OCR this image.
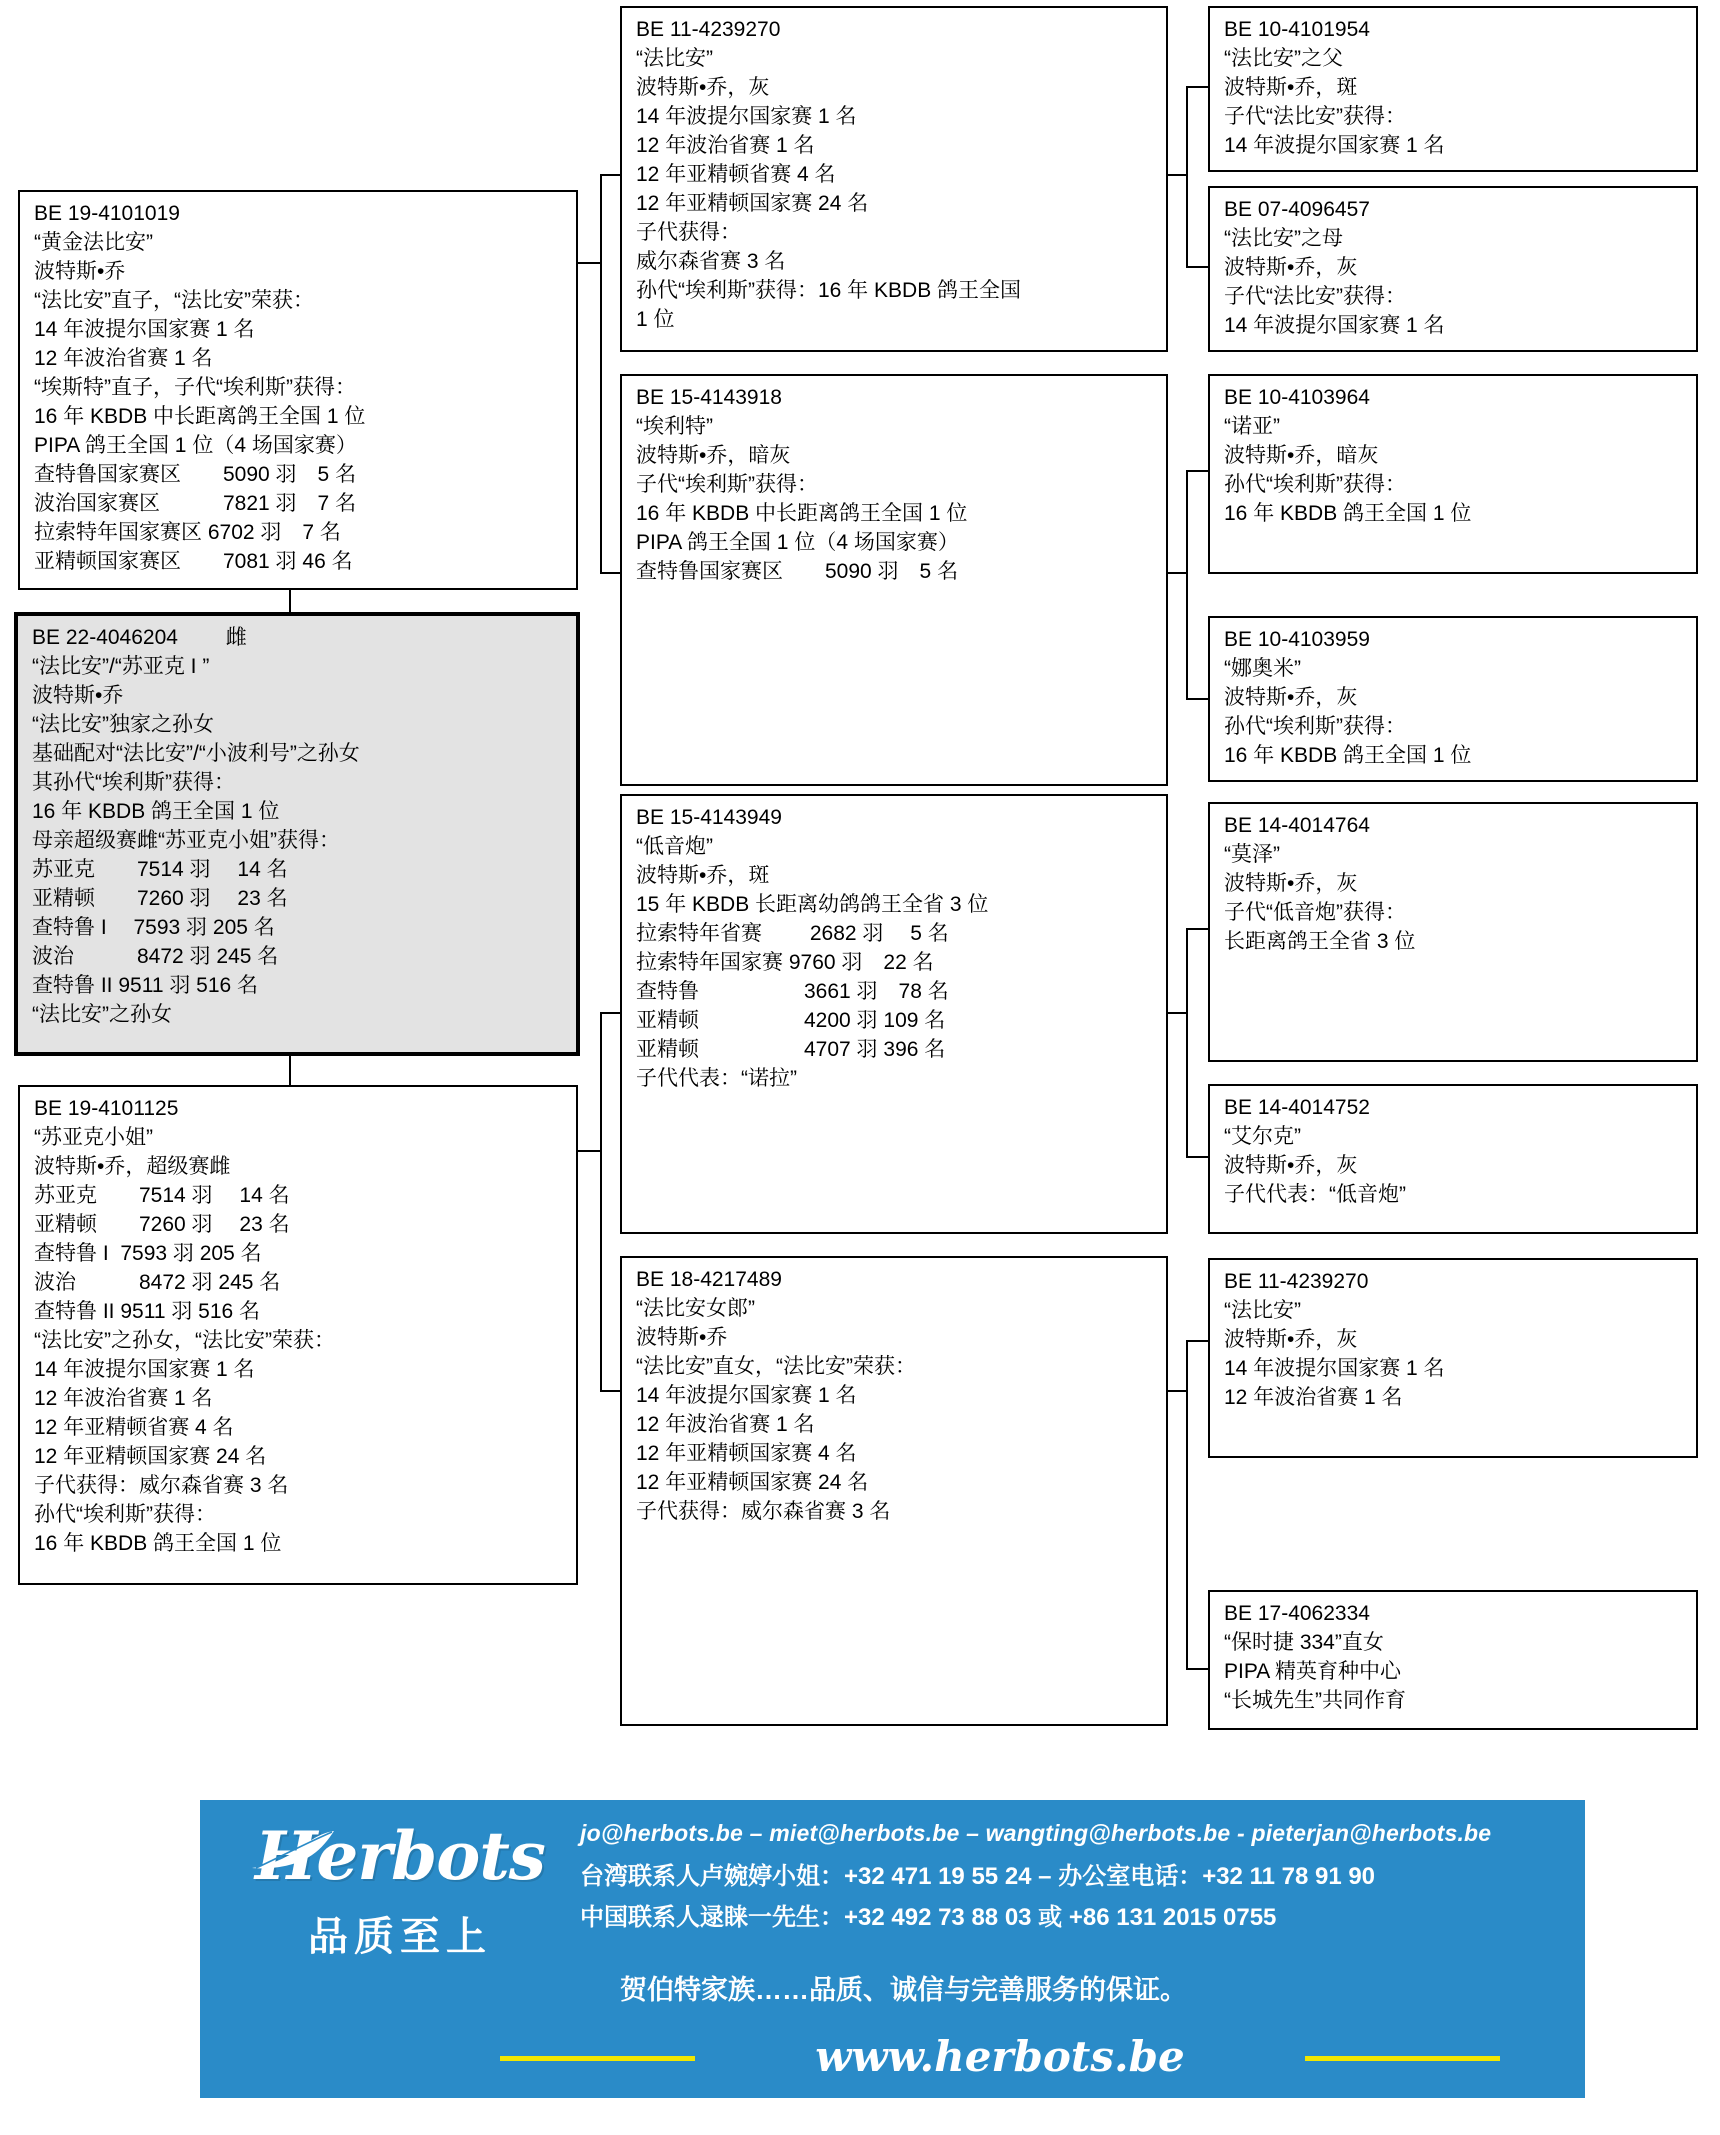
BE 19-4101019
“黄金法比安”
波特斯•乔
“法比安”直子，“法比安”荣获：
14 年波提尔国家赛 1 名
12 年波治省赛 1 名
“埃斯特”直子，子代“埃利斯”获得：
16 年 KBDB 中长距离鸽王全国 1 位
PIPA 鸽王全国 1 位（4 场国家赛）
查特鲁国家赛区　　5090 羽　5 名
波治国家赛区　　　7821 羽　7 名
拉索特年国家赛区 6702 羽　7 名
亚精顿国家赛区　　7081 羽 46 名
BE 22-4046204 　　雌
“法比安”/“苏亚克 I ”
波特斯•乔
“法比安”独家之孙女
基础配对“法比安”/“小波利号”之孙女
其孙代“埃利斯”获得：
16 年 KBDB 鸽王全国 1 位
母亲超级赛雌“苏亚克小姐”获得：
苏亚克　　7514 羽　 14 名
亚精顿　　7260 羽　 23 名
查特鲁 I 　7593 羽 205 名
波治　　　8472 羽 245 名
查特鲁 II 9511 羽 516 名
“法比安”之孙女
BE 19-4101125
“苏亚克小姐”
波特斯•乔，超级赛雌
苏亚克　　7514 羽　 14 名
亚精顿　　7260 羽　 23 名
查特鲁 I  7593 羽 205 名
波治　　　8472 羽 245 名
查特鲁 II 9511 羽 516 名
“法比安”之孙女，“法比安”荣获：
14 年波提尔国家赛 1 名
12 年波治省赛 1 名
12 年亚精顿省赛 4 名
12 年亚精顿国家赛 24 名
子代获得：威尔森省赛 3 名
孙代“埃利斯”获得：
16 年 KBDB 鸽王全国 1 位
BE 11-4239270
“法比安”
波特斯•乔，灰
14 年波提尔国家赛 1 名
12 年波治省赛 1 名
12 年亚精顿省赛 4 名
12 年亚精顿国家赛 24 名
子代获得：
威尔森省赛 3 名
孙代“埃利斯”获得：16 年 KBDB 鸽王全国
1 位
BE 15-4143918
“埃利特”
波特斯•乔，暗灰
子代“埃利斯”获得：
16 年 KBDB 中长距离鸽王全国 1 位
PIPA 鸽王全国 1 位（4 场国家赛）
查特鲁国家赛区　　5090 羽　5 名
BE 15-4143949
“低音炮”
波特斯•乔，斑
15 年 KBDB 长距离幼鸽鸽王全省 3 位
拉索特年省赛　　 2682 羽　 5 名
拉索特年国家赛 9760 羽　22 名
查特鲁　　　　　3661 羽　78 名
亚精顿　　　　　4200 羽 109 名
亚精顿　　　　　4707 羽 396 名
子代代表：“诺拉”
BE 18-4217489
“法比安女郎”
波特斯•乔
“法比安”直女，“法比安”荣获：
14 年波提尔国家赛 1 名
12 年波治省赛 1 名
12 年亚精顿国家赛 4 名
12 年亚精顿国家赛 24 名
子代获得：威尔森省赛 3 名
BE 10-4101954
“法比安”之父
波特斯•乔，斑
子代“法比安”获得：
14 年波提尔国家赛 1 名
BE 07-4096457
“法比安”之母
波特斯•乔，灰
子代“法比安”获得：
14 年波提尔国家赛 1 名
BE 10-4103964
“诺亚”
波特斯•乔，暗灰
孙代“埃利斯”获得：
16 年 KBDB 鸽王全国 1 位
BE 10-4103959
“娜奥米”
波特斯•乔，灰
孙代“埃利斯”获得：
16 年 KBDB 鸽王全国 1 位
BE 14-4014764
“莫泽”
波特斯•乔，灰
子代“低音炮”获得：
长距离鸽王全省 3 位
BE 14-4014752
“艾尔克”
波特斯•乔，灰
子代代表：“低音炮”
BE 11-4239270
“法比安”
波特斯•乔，灰
14 年波提尔国家赛 1 名
12 年波治省赛 1 名
BE 17-4062334
“保时捷 334”直女
PIPA 精英育种中心
“长城先生”共同作育
Herbots
品质至上
jo@herbots.be – miet@herbots.be – wangting@herbots.be - pieterjan@herbots.be
台湾联系人卢婉婷小姐：+32 471 19 55 24 – 办公室电话：+32 11 78 91 90
中国联系人逯睐一先生：+32 492 73 88 03 或 +86 131 2015 0755
贺伯特家族……品质、诚信与完善服务的保证。
www.herbots.be
